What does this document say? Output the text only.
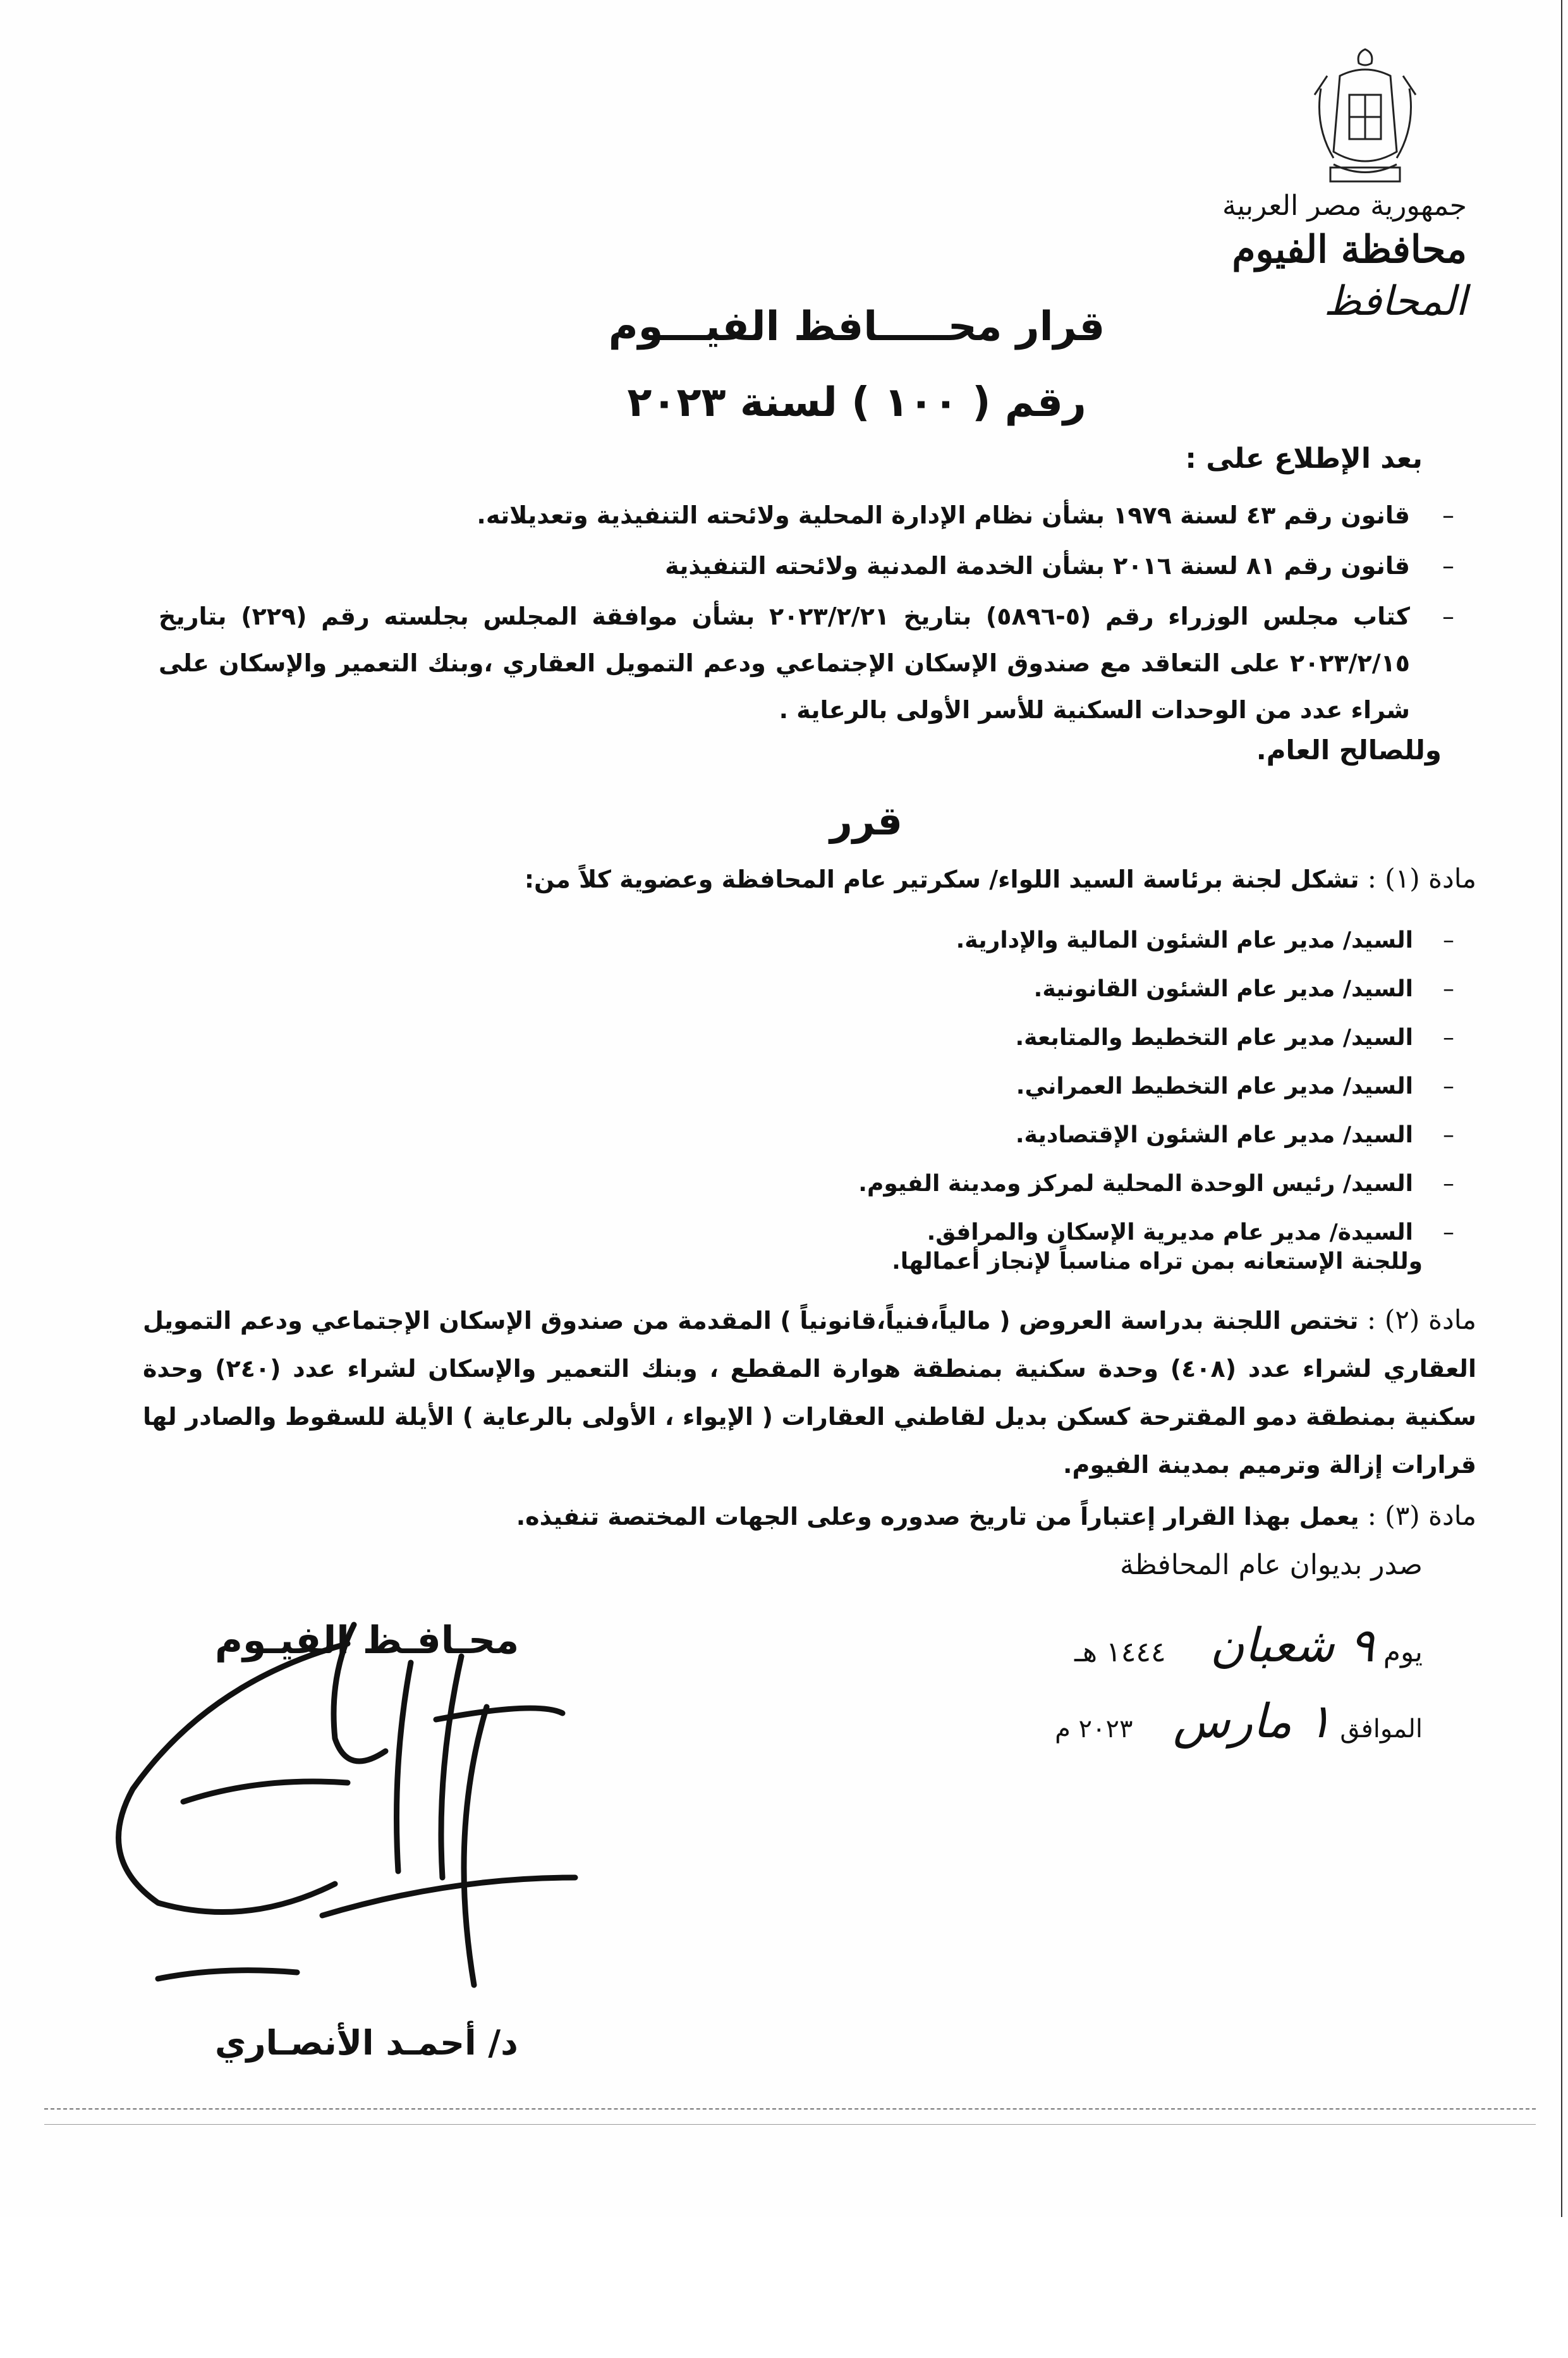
جمهورية مصر العربية
محافظة الفيوم
المحافظ
قرار محـــــافظ الفيـــوم
رقم ( ١٠٠ ) لسنة ٢٠٢٣
بعد الإطلاع على :
–
قانون رقم ٤٣ لسنة ١٩٧٩ بشأن نظام الإدارة المحلية ولائحته التنفيذية وتعديلاته.
–
قانون رقم ٨١ لسنة ٢٠١٦ بشأن الخدمة المدنية ولائحته التنفيذية
–
كتاب مجلس الوزراء رقم (٥-٥٨٩٦) بتاريخ ٢٠٢٣/٢/٢١ بشأن موافقة المجلس بجلسته رقم (٢٢٩) بتاريخ ٢٠٢٣/٢/١٥ على التعاقد مع صندوق الإسكان الإجتماعي ودعم التمويل العقاري ،وبنك التعمير والإسكان على شراء عدد من الوحدات السكنية للأسر الأولى بالرعاية .
وللصالح العام.
قرر
مادة (١) : تشكل لجنة برئاسة السيد اللواء/ سكرتير عام المحافظة وعضوية كلاً من:
–
السيد/ مدير عام الشئون المالية والإدارية.
–
السيد/ مدير عام الشئون القانونية.
–
السيد/ مدير عام التخطيط والمتابعة.
–
السيد/ مدير عام التخطيط العمراني.
–
السيد/ مدير عام الشئون الإقتصادية.
–
السيد/ رئيس الوحدة المحلية لمركز ومدينة الفيوم.
–
السيدة/ مدير عام مديرية الإسكان والمرافق.
وللجنة الإستعانه بمن تراه مناسباً لإنجاز أعمالها.
مادة (٢) : تختص اللجنة بدراسة العروض ( مالياً،فنياً،قانونياً ) المقدمة من صندوق الإسكان الإجتماعي ودعم التمويل العقاري لشراء عدد (٤٠٨) وحدة سكنية بمنطقة هوارة المقطع ، وبنك التعمير والإسكان لشراء عدد (٢٤٠) وحدة سكنية بمنطقة دمو المقترحة كسكن بديل لقاطني العقارات ( الإيواء ، الأولى بالرعاية ) الأيلة للسقوط والصادر لها قرارات إزالة وترميم بمدينة الفيوم.
مادة (٣) : يعمل بهذا القرار إعتباراً من تاريخ صدوره وعلى الجهات المختصة تنفيذه.
صدر بديوان عام المحافظة
يوم ٩ شعبان     ١٤٤٤ هـ
الموافق ١ مارس     ٢٠٢٣ م
محـافـظ الفيـوم
د/ أحمـد الأنصـاري
